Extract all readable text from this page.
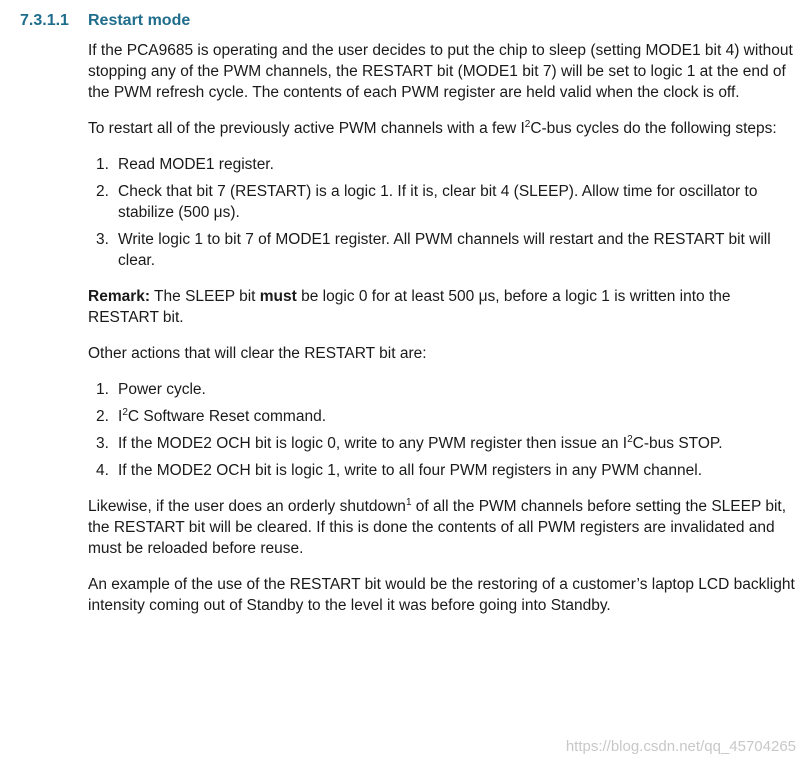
7.3.1.1 Restart mode

If the PCA9685 is operating and the user decides to put the chip to sleep (setting MODE1 bit 4) without stopping any of the PWM channels, the RESTART bit (MODE1 bit 7) will be set to logic 1 at the end of the PWM refresh cycle. The contents of each PWM register are held valid when the clock is off.

To restart all of the previously active PWM channels with a few $I^2C$-bus cycles do the following steps:

1. Read MODE1 register.
2. Check that bit 7 (RESTART) is a logic 1. If it is, clear bit 4 (SLEEP). Allow time for oscillator to stabilize (500 μs).
3. Write logic 1 to bit 7 of MODE1 register. All PWM channels will restart and the RESTART bit will clear.

Remark: The SLEEP bit must be logic 0 for at least 500 μs, before a logic 1 is written into the RESTART bit.

Other actions that will clear the RESTART bit are:

1. Power cycle.
2. $I^2C$ Software Reset command.
3. If the MODE2 OCH bit is logic 0, write to any PWM register then issue an $I^2C$-bus STOP.
4. If the MODE2 OCH bit is logic 1, write to all four PWM registers in any PWM channel.

Likewise, if the user does an orderly shutdown$^1$ of all the PWM channels before setting the SLEEP bit, the RESTART bit will be cleared. If this is done the contents of all PWM registers are invalidated and must be reloaded before reuse.

An example of the use of the RESTART bit would be the restoring of a customer’s laptop LCD backlight intensity coming out of Standby to the level it was before going into Standby.

https://blog.csdn.net/qq_45704265
